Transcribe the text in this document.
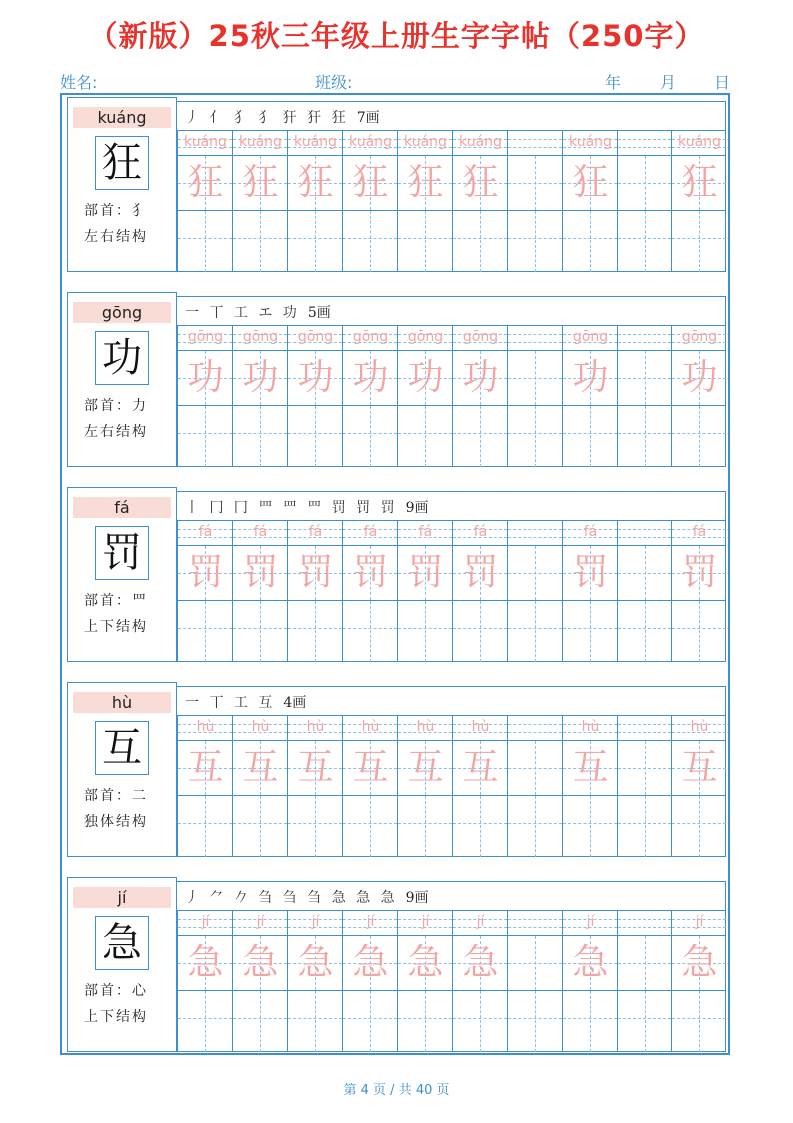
（新版）25秋三年级上册生字字帖（250字）
姓名:	班级:	年 月 日
kuáng
狂
部首：犭
左右结构
丿 亻 犭 犭 犴 犴 狂 7画
kuáng
狂
kuáng
狂
kuáng
狂
kuáng
狂
kuáng
狂
kuáng
狂
kuáng
狂
kuáng
狂
gōng
功
部首：力
左右结构
一 丅 工 エ 功 5画
gōng
功
gōng
功
gōng
功
gōng
功
gōng
功
gōng
功
gōng
功
gōng
功
fá
罚
部首：罒
上下结构
丨 冂 冂 罒 罒 罒 罚 罚 罚 9画
fá
罚
fá
罚
fá
罚
fá
罚
fá
罚
fá
罚
fá
罚
fá
罚
hù
互
部首：二
独体结构
一 丅 工 互 4画
hù
互
hù
互
hù
互
hù
互
hù
互
hù
互
hù
互
hù
互
jí
急
部首：心
上下结构
丿 ⺈ 𠂊 刍 刍 刍 急 急 急 9画
jí
急
jí
急
jí
急
jí
急
jí
急
jí
急
jí
急
jí
急
第 4 页 / 共 40 页
